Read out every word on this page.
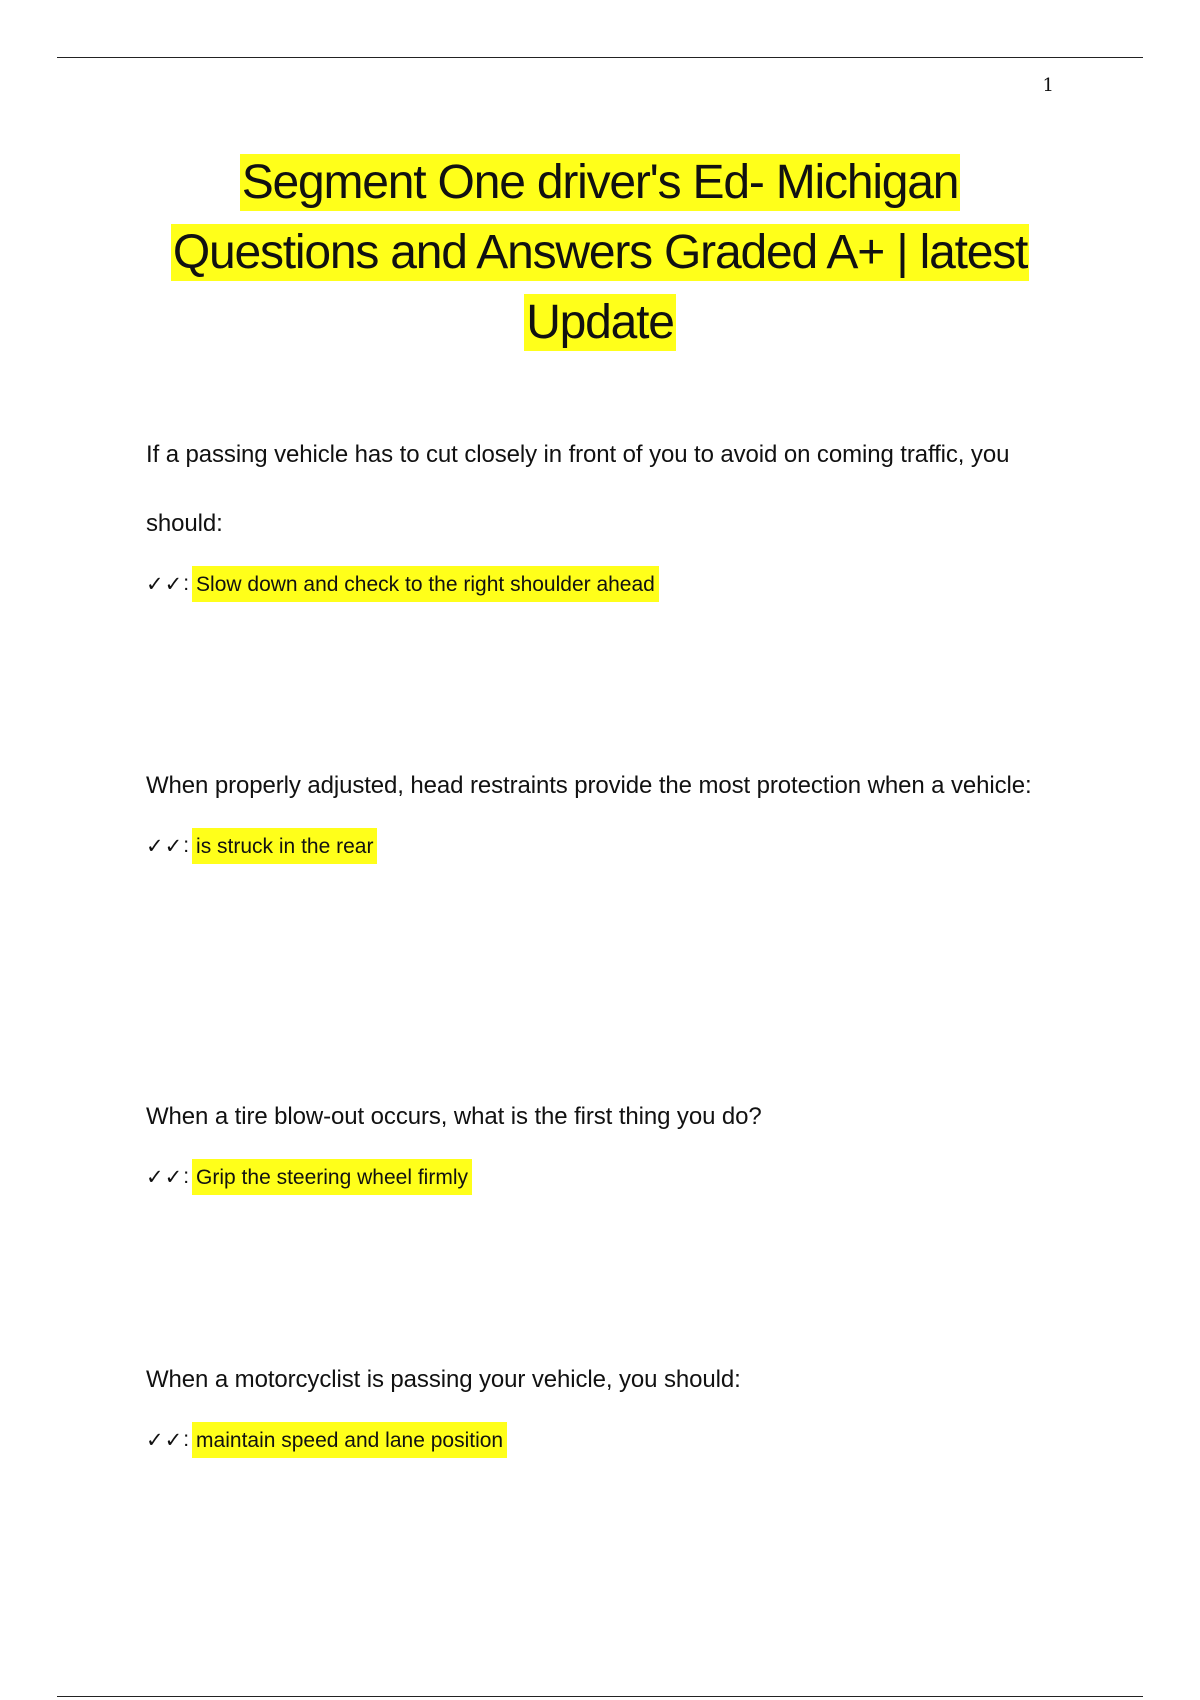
1
Segment One driver's Ed- Michigan
Questions and Answers Graded A+ | latest
Update

If a passing vehicle has to cut closely in front of you to avoid on coming traffic, you should:

✓✓ : Slow down and check to the right shoulder ahead

When properly adjusted, head restraints provide the most protection when a vehicle:

✓✓ : is struck in the rear

When a tire blow-out occurs, what is the first thing you do?

✓✓ : Grip the steering wheel firmly

When a motorcyclist is passing your vehicle, you should:

✓✓ : maintain speed and lane position
